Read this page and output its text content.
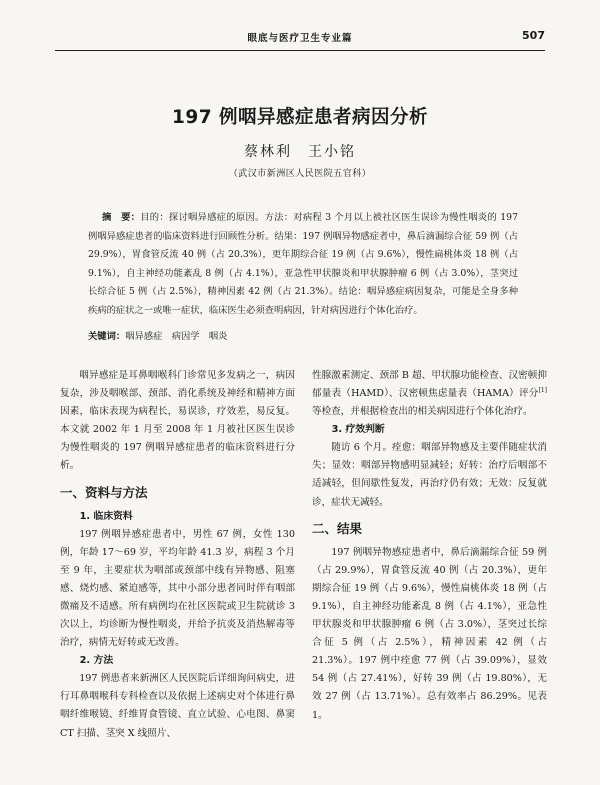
眼底与医疗卫生专业篇	507
197 例咽异感症患者病因分析
蔡林利　王小铭
（武汉市新洲区人民医院五官科）
摘　要：目的：探讨咽异感症的原因。方法：对病程 3 个月以上被社区医生误诊为慢性咽炎的 197 例咽异感症患者的临床资料进行回顾性分析。结果：197 例咽异物感症者中，鼻后滴漏综合征 59 例（占 29.9%），胃食管反流 40 例（占 20.3%），更年期综合征 19 例（占 9.6%），慢性扁桃体炎 18 例（占 9.1%），自主神经功能紊乱 8 例（占 4.1%），亚急性甲状腺炎和甲状腺肿瘤 6 例（占 3.0%），茎突过长综合征 5 例（占 2.5%），精神因素 42 例（占 21.3%）。结论：咽异感症病因复杂，可能是全身多种疾病的症状之一或唯一症状，临床医生必须查明病因，针对病因进行个体化治疗。
关键词：咽异感症　病因学　咽炎

咽异感症是耳鼻咽喉科门诊常见多发病之一，病因复杂，涉及咽喉部、颈部、消化系统及神经和精神方面因素，临床表现为病程长，易误诊，疗效差，易反复。本文就 2002 年 1 月至 2008 年 1 月被社区医生误诊为慢性咽炎的 197 例咽异感症患者的临床资料进行分析。

一、资料与方法
1. 临床资料

197 例咽异感症患者中，男性 67 例，女性 130 例，年龄 17～69 岁，平均年龄 41.3 岁，病程 3 个月至 9 年，主要症状为咽部或颈部中线有异物感、阻塞感、烧灼感、紧迫感等，其中小部分患者同时伴有咽部微痛及不适感。所有病例均在社区医院或卫生院就诊 3 次以上，均诊断为慢性咽炎，并给予抗炎及消热解毒等治疗，病情无好转或无改善。

2. 方法

197 例患者来新洲区人民医院后详细询问病史，进行耳鼻咽喉科专科检查以及依据上述病史对个体进行鼻咽纤维喉镜、纤维胃食管镜、直立试验、心电图、鼻窦 CT 扫描、茎突 X 线照片、

性腺激素测定、颈部 B 超、甲状腺功能检查、汉密顿抑郁量表（HAMD）、汉密顿焦虑量表（HAMA）评分[1]等检查，并根据检查出的相关病因进行个体化治疗。

3. 疗效判断

随访 6 个月。痊愈：咽部异物感及主要伴随症状消失；显效：咽部异物感明显减轻；好转：治疗后咽部不适减轻，但间歇性复发，再治疗仍有效；无效：反复就诊，症状无减轻。

二、结果

197 例咽异物感症患者中，鼻后滴漏综合征 59 例（占 29.9%），胃食管反流 40 例（占 20.3%），更年期综合征 19 例（占 9.6%），慢性扁桃体炎 18 例（占 9.1%），自主神经功能紊乱 8 例（占 4.1%），亚急性甲状腺炎和甲状腺肿瘤 6 例（占 3.0%），茎突过长综合征 5 例（占 2.5%），精神因素 42 例（占 21.3%）。197 例中痊愈 77 例（占 39.09%），显效 54 例（占 27.41%），好转 39 例（占 19.80%），无效 27 例（占 13.71%）。总有效率占 86.29%。见表 1。
